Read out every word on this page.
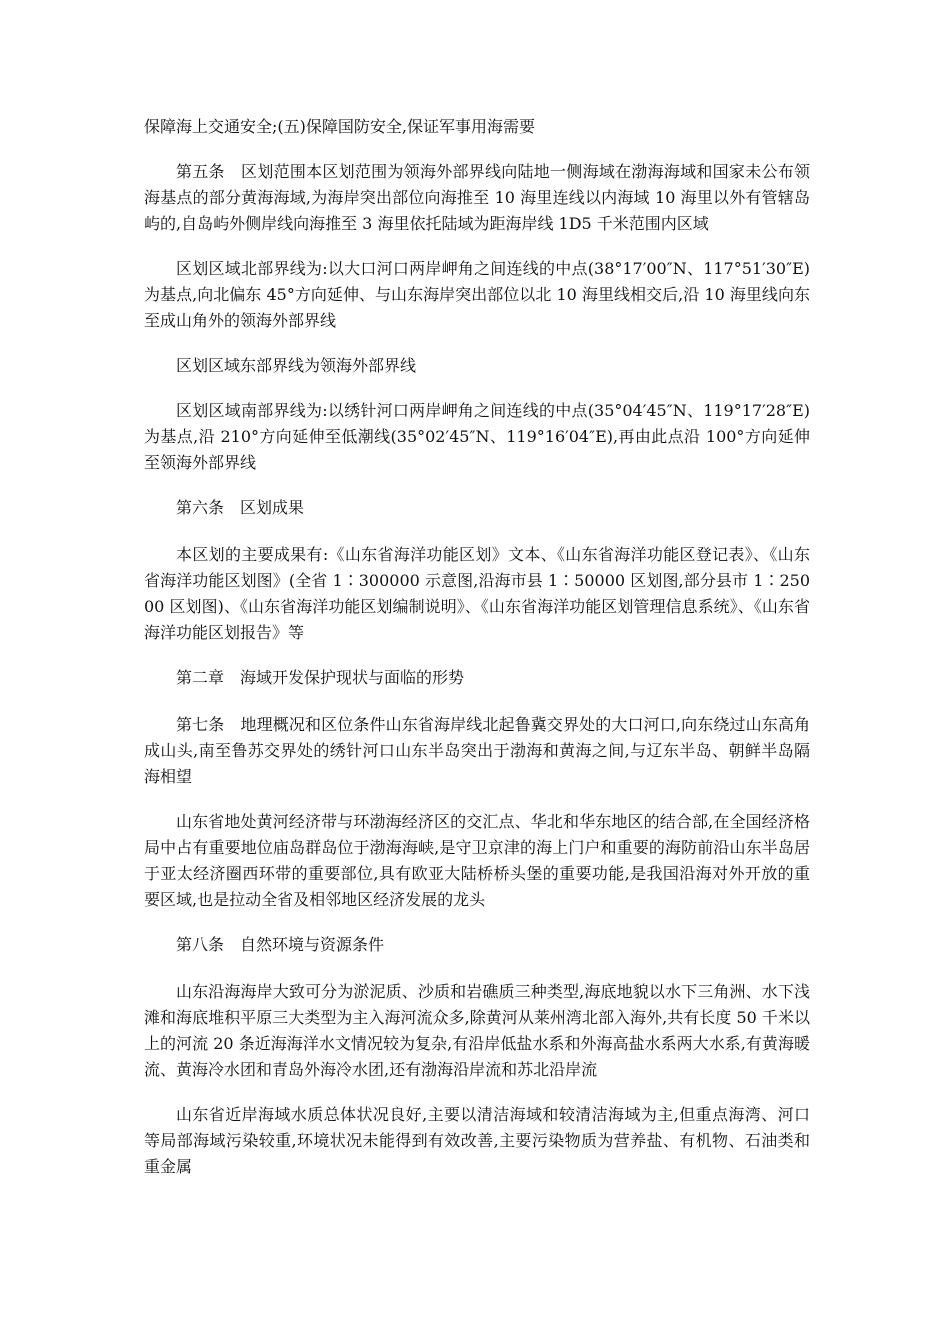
保障海上交通安全;(五)保障国防安全,保证军事用海需要

第五条　区划范围本区划范围为领海外部界线向陆地一侧海域在渤海海域和国家未公布领海基点的部分黄海海域,为海岸突出部位向海推至 10 海里连线以内海域 10 海里以外有管辖岛屿的,自岛屿外侧岸线向海推至 3 海里依托陆域为距海岸线 1D5 千米范围内区域

区划区域北部界线为:以大口河口两岸岬角之间连线的中点(38°17′00″N、117°51′30″E)为基点,向北偏东 45°方向延伸、与山东海岸突出部位以北 10 海里线相交后,沿 10 海里线向东至成山角外的领海外部界线

区划区域东部界线为领海外部界线

区划区域南部界线为:以绣针河口两岸岬角之间连线的中点(35°04′45″N、119°17′28″E)为基点,沿 210°方向延伸至低潮线(35°02′45″N、119°16′04″E),再由此点沿 100°方向延伸至领海外部界线

第六条　区划成果

本区划的主要成果有:《山东省海洋功能区划》文本、《山东省海洋功能区登记表》、《山东省海洋功能区划图》(全省 1∶300000 示意图,沿海市县 1∶50000 区划图,部分县市 1∶25000 区划图)、《山东省海洋功能区划编制说明》、《山东省海洋功能区划管理信息系统》、《山东省海洋功能区划报告》等

第二章　海域开发保护现状与面临的形势

第七条　地理概况和区位条件山东省海岸线北起鲁冀交界处的大口河口,向东绕过山东高角成山头,南至鲁苏交界处的绣针河口山东半岛突出于渤海和黄海之间,与辽东半岛、朝鲜半岛隔海相望

山东省地处黄河经济带与环渤海经济区的交汇点、华北和华东地区的结合部,在全国经济格局中占有重要地位庙岛群岛位于渤海海峡,是守卫京津的海上门户和重要的海防前沿山东半岛居于亚太经济圈西环带的重要部位,具有欧亚大陆桥桥头堡的重要功能,是我国沿海对外开放的重要区域,也是拉动全省及相邻地区经济发展的龙头

第八条　自然环境与资源条件

山东沿海海岸大致可分为淤泥质、沙质和岩礁质三种类型,海底地貌以水下三角洲、水下浅滩和海底堆积平原三大类型为主入海河流众多,除黄河从莱州湾北部入海外,共有长度 50 千米以上的河流 20 条近海海洋水文情况较为复杂,有沿岸低盐水系和外海高盐水系两大水系,有黄海暖流、黄海冷水团和青岛外海冷水团,还有渤海沿岸流和苏北沿岸流

山东省近岸海域水质总体状况良好,主要以清洁海域和较清洁海域为主,但重点海湾、河口等局部海域污染较重,环境状况未能得到有效改善,主要污染物质为营养盐、有机物、石油类和重金属
